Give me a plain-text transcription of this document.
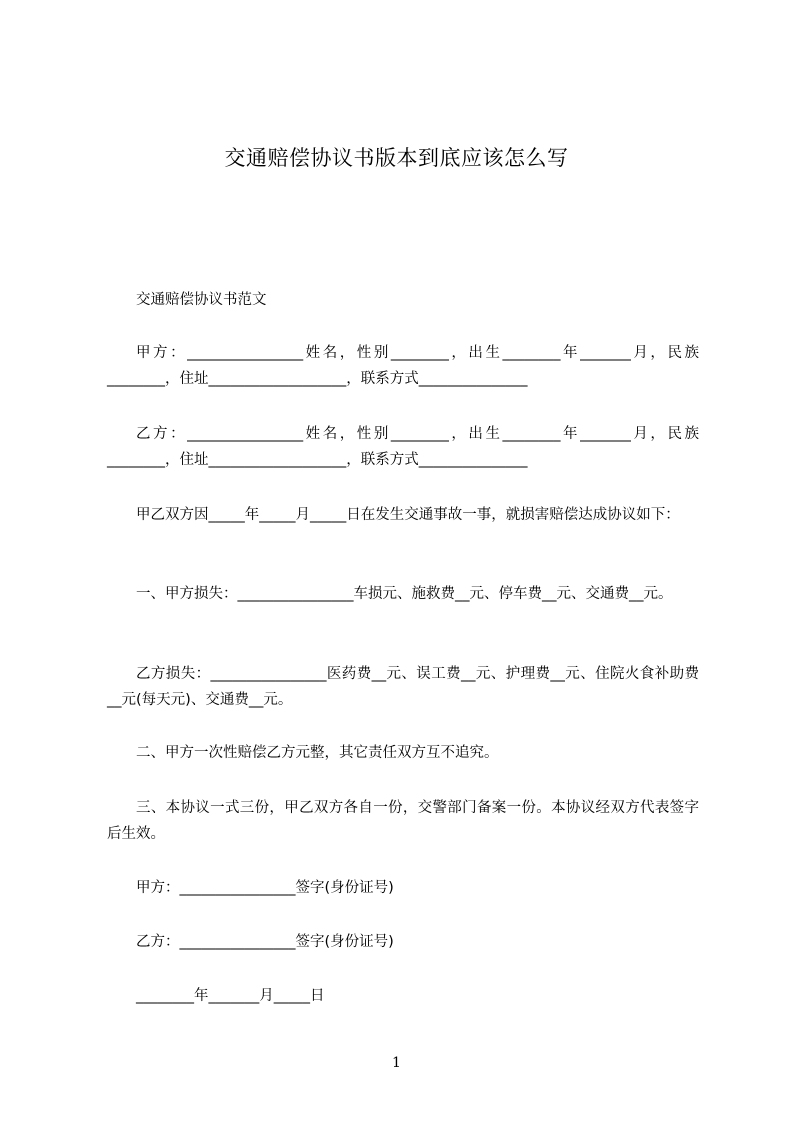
交通赔偿协议书版本到底应该怎么写

交通赔偿协议书范文

甲方：________________姓名，性别________，出生________年_______月，民族________，住址___________________，联系方式_______________

乙方：________________姓名，性别________，出生________年_______月，民族________，住址___________________，联系方式_______________

甲乙双方因_____年_____月_____日在发生交通事故一事，就损害赔偿达成协议如下：

一、甲方损失：________________车损元、施救费__元、停车费__元、交通费__元。

乙方损失：________________医药费__元、误工费__元、护理费__元、住院火食补助费__元(每天元)、交通费__元。

二、甲方一次性赔偿乙方元整，其它责任双方互不追究。

三、本协议一式三份，甲乙双方各自一份，交警部门备案一份。本协议经双方代表签字后生效。

甲方：________________签字(身份证号)

乙方：________________签字(身份证号)

________年_______月_____日

1
